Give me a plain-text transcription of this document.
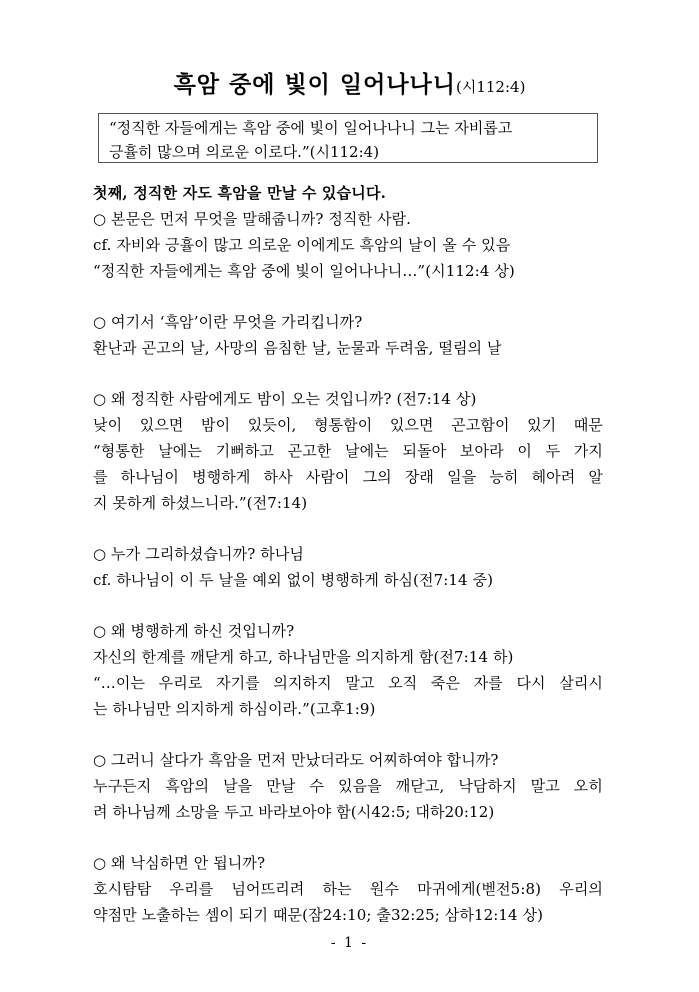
흑암 중에 빛이 일어나나니(시112:4)
“정직한 자들에게는 흑암 중에 빛이 일어나나니 그는 자비롭고
긍휼히 많으며 의로운 이로다.”(시112:4)
첫째, 정직한 자도 흑암을 만날 수 있습니다.
○ 본문은 먼저 무엇을 말해줍니까? 정직한 사람.
cf. 자비와 긍휼이 많고 의로운 이에게도 흑암의 날이 올 수 있음
“정직한 자들에게는 흑암 중에 빛이 일어나나니…”(시112:4 상)
○ 여기서 ‘흑암’이란 무엇을 가리킵니까?
환난과 곤고의 날, 사망의 음침한 날, 눈물과 두려움, 떨림의 날
○ 왜 정직한 사람에게도 밤이 오는 것입니까? (전7:14 상)
낮이 있으면 밤이 있듯이, 형통함이 있으면 곤고함이 있기 때문
“형통한 날에는 기뻐하고 곤고한 날에는 되돌아 보아라 이 두 가지
를 하나님이 병행하게 하사 사람이 그의 장래 일을 능히 헤아려 알
지 못하게 하셨느니라.”(전7:14)
○ 누가 그리하셨습니까? 하나님
cf. 하나님이 이 두 날을 예외 없이 병행하게 하심(전7:14 중)
○ 왜 병행하게 하신 것입니까?
자신의 한계를 깨닫게 하고, 하나님만을 의지하게 함(전7:14 하)
“…이는 우리로 자기를 의지하지 말고 오직 죽은 자를 다시 살리시
는 하나님만 의지하게 하심이라.”(고후1:9)
○ 그러니 살다가 흑암을 먼저 만났더라도 어찌하여야 합니까?
누구든지 흑암의 날을 만날 수 있음을 깨닫고, 낙담하지 말고 오히
려 하나님께 소망을 두고 바라보아야 함(시42:5; 대하20:12)
○ 왜 낙심하면 안 됩니까?
호시탐탐 우리를 넘어뜨리려 하는 원수 마귀에게(벧전5:8) 우리의
약점만 노출하는 셈이 되기 때문(잠24:10; 출32:25; 삼하12:14 상)
- 1 -
